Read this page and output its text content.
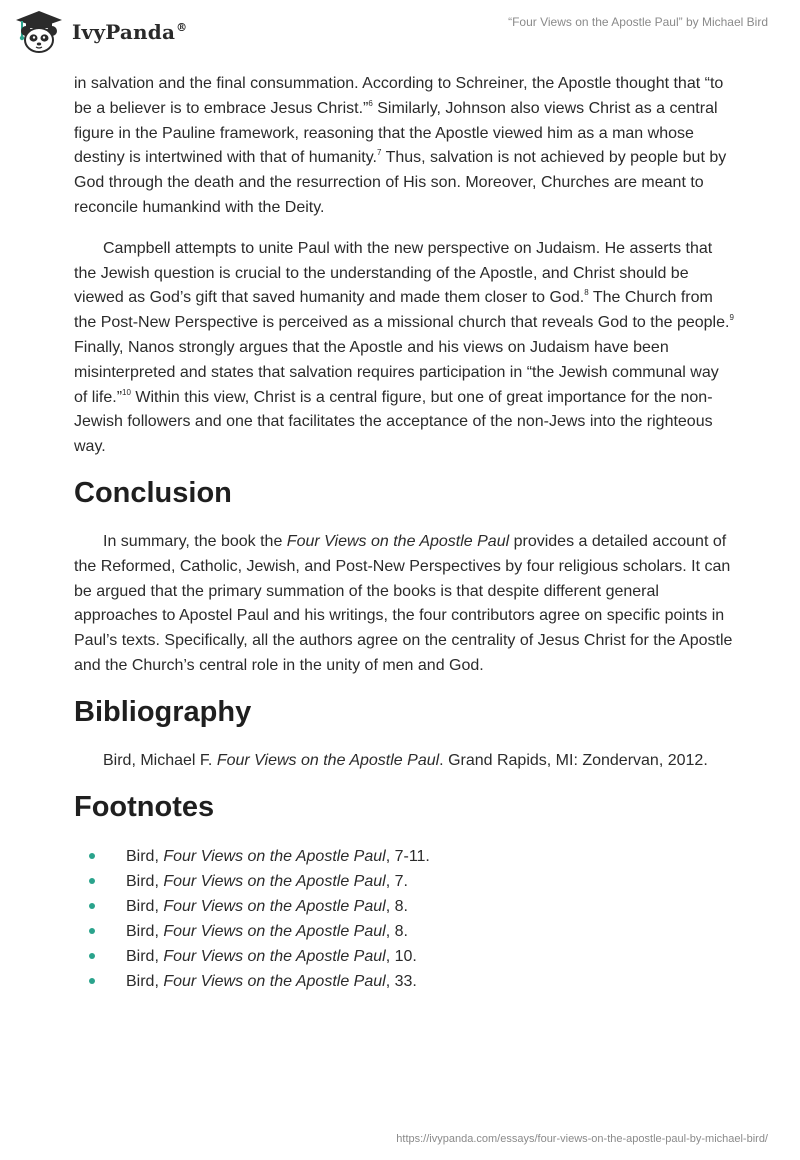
IvyPanda®	“Four Views on the Apostle Paul” by Michael Bird

in salvation and the final consummation. According to Schreiner, the Apostle thought that “to be a believer is to embrace Jesus Christ.”$^6$ Similarly, Johnson also views Christ as a central figure in the Pauline framework, reasoning that the Apostle viewed him as a man whose destiny is intertwined with that of humanity.$^7$ Thus, salvation is not achieved by people but by God through the death and the resurrection of His son. Moreover, Churches are meant to reconcile humankind with the Deity.

Campbell attempts to unite Paul with the new perspective on Judaism. He asserts that the Jewish question is crucial to the understanding of the Apostle, and Christ should be viewed as God’s gift that saved humanity and made them closer to God.$^8$ The Church from the Post-New Perspective is perceived as a missional church that reveals God to the people.$^9$ Finally, Nanos strongly argues that the Apostle and his views on Judaism have been misinterpreted and states that salvation requires participation in “the Jewish communal way of life.”$^{10}$ Within this view, Christ is a central figure, but one of great importance for the non-Jewish followers and one that facilitates the acceptance of the non-Jews into the righteous way.

Conclusion

In summary, the book the Four Views on the Apostle Paul provides a detailed account of the Reformed, Catholic, Jewish, and Post-New Perspectives by four religious scholars. It can be argued that the primary summation of the books is that despite different general approaches to Apostel Paul and his writings, the four contributors agree on specific points in Paul’s texts. Specifically, all the authors agree on the centrality of Jesus Christ for the Apostle and the Church’s central role in the unity of men and God.

Bibliography

Bird, Michael F. Four Views on the Apostle Paul. Grand Rapids, MI: Zondervan, 2012.

Footnotes
Bird, Four Views on the Apostle Paul, 7-11.
Bird, Four Views on the Apostle Paul, 7.
Bird, Four Views on the Apostle Paul, 8.
Bird, Four Views on the Apostle Paul, 8.
Bird, Four Views on the Apostle Paul, 10.
Bird, Four Views on the Apostle Paul, 33.
https://ivypanda.com/essays/four-views-on-the-apostle-paul-by-michael-bird/
